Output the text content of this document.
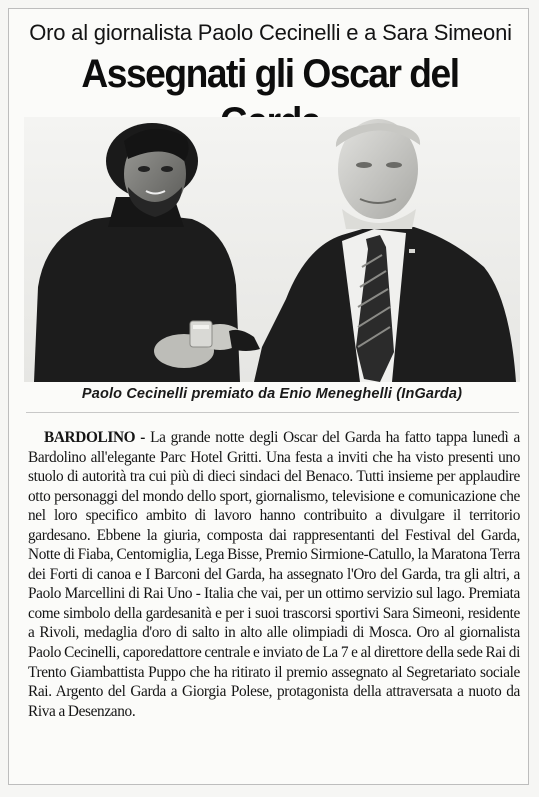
Oro al giornalista Paolo Cecinelli e a Sara Simeoni
Assegnati gli Oscar del
Paolo Cecinelli premiato da Enio Meneghelli (InGarda)

BARDOLINO - La grande notte degli Oscar del Garda ha fatto tappa lunedì a Bardolino all'elegante Parc Hotel Gritti. Una festa a inviti che ha visto presenti uno stuolo di autorità tra cui più di dieci sindaci del Benaco. Tutti insieme per applaudire otto personaggi del mondo dello sport, giornalismo, televisione e comunicazione che nel loro specifico ambito di lavoro hanno contribuito a divulgare il territorio gardesano. Ebbene la giuria, composta dai rappresentanti del Festival del Garda, Notte di Fiaba, Centomiglia, Lega Bisse, Premio Sirmione-Catullo, la Maratona Terra dei Forti di canoa e I Barconi del Garda, ha assegnato l'Oro del Garda, tra gli altri, a Paolo Marcellini di Rai Uno - Italia che vai, per un ottimo servizio sul lago. Premiata come simbolo della gardesanità e per i suoi trascorsi sportivi Sara Simeoni, residente a Rivoli, medaglia d'oro di salto in alto alle olimpiadi di Mosca. Oro al giornalista Paolo Cecinelli, caporedattore centrale e inviato de La 7 e al direttore della sede Rai di Trento Giambattista Puppo che ha ritirato il premio assegnato al Segretariato sociale Rai. Argento del Garda a Giorgia Polese, protagonista della attraversata a nuoto da Riva a Desenzano.
